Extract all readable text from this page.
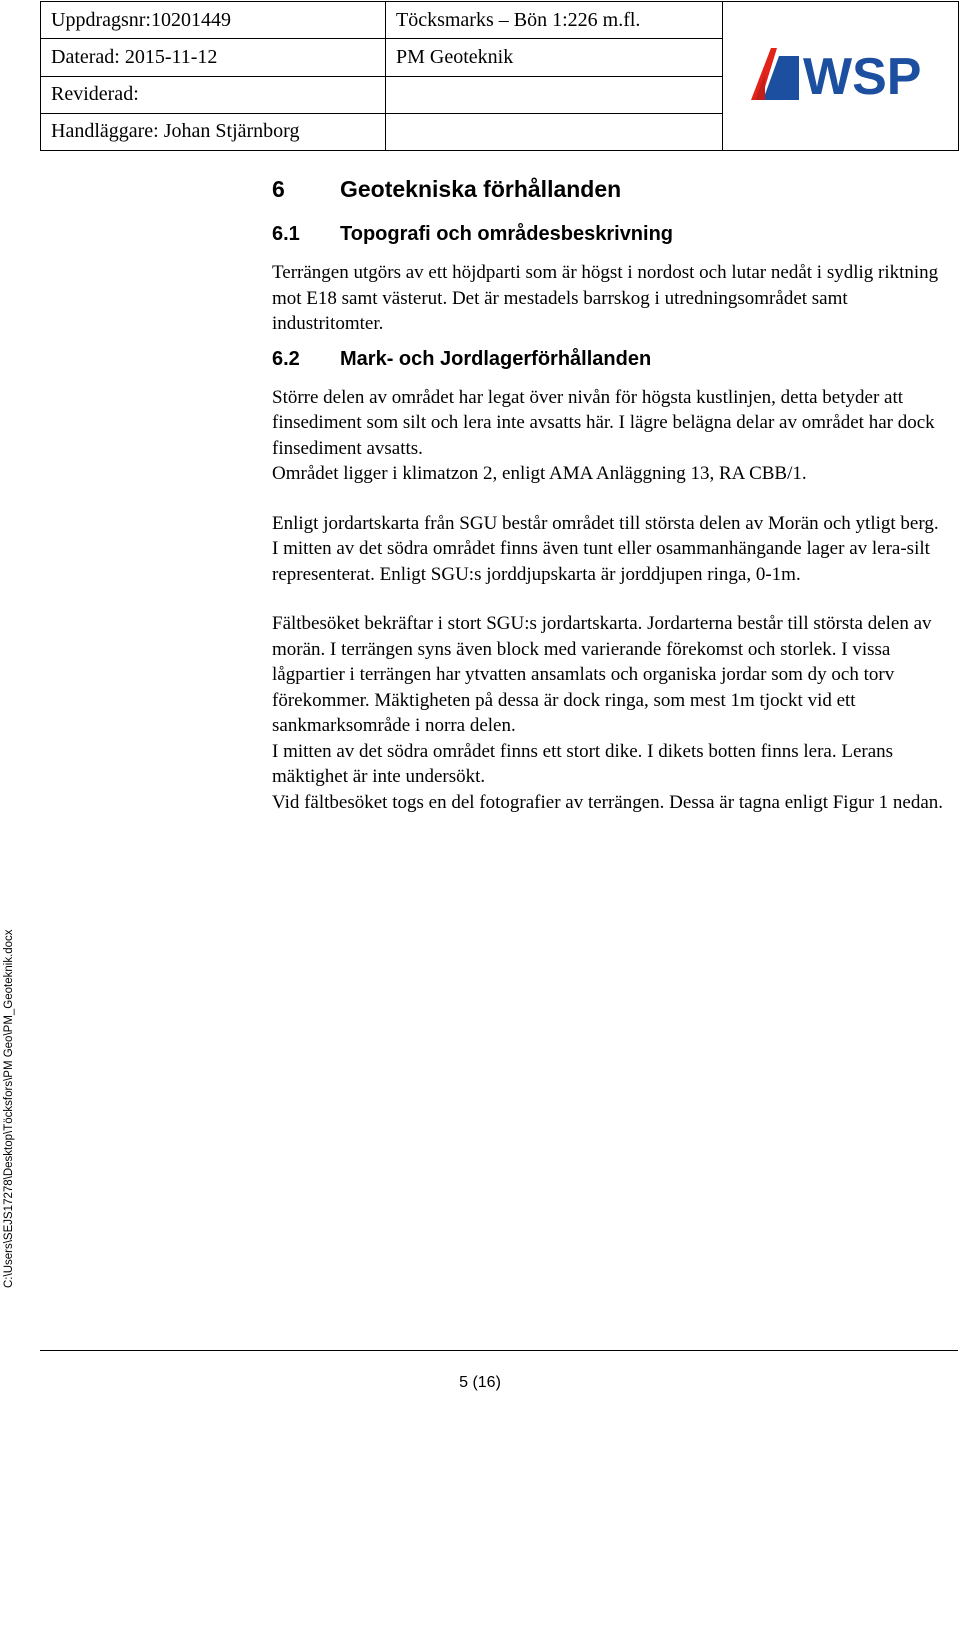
Uppdragsnr:10201449	Töcksmarks – Bön 1:226 m.fl.	WSP

Daterad: 2015-11-12	PM Geoteknik	
Reviderad:		
Handläggare: Johan Stjärnborg		
6	Geotekniska förhållanden
6.1	Topografi och områdesbeskrivning

Terrängen utgörs av ett höjdparti som är högst i nordost och lutar nedåt i sydlig riktning mot E18 samt västerut. Det är mestadels barrskog i utredningsområdet samt industritomter.

6.2	Mark- och Jordlagerförhållanden

Större delen av området har legat över nivån för högsta kustlinjen, detta betyder att finsediment som silt och lera inte avsatts här. I lägre belägna delar av området har dock finsediment avsatts.

Området ligger i klimatzon 2, enligt AMA Anläggning 13, RA CBB/1.

Enligt jordartskarta från SGU består området till största delen av Morän och ytligt berg. I mitten av det södra området finns även tunt eller osammanhängande lager av lera-silt representerat. Enligt SGU:s jorddjupskarta är jorddjupen ringa, 0-1m.

Fältbesöket bekräftar i stort SGU:s jordartskarta. Jordarterna består till största delen av morän. I terrängen syns även block med varierande förekomst och storlek. I vissa lågpartier i terrängen har ytvatten ansamlats och organiska jordar som dy och torv förekommer. Mäktigheten på dessa är dock ringa, som mest 1m tjockt vid ett sankmarksområde i norra delen.

I mitten av det södra området finns ett stort dike. I dikets botten finns lera. Lerans mäktighet är inte undersökt.

Vid fältbesöket togs en del fotografier av terrängen. Dessa är tagna enligt Figur 1 nedan.

C:\Users\SEJS17278\Desktop\Töcksfors\PM Geo\PM_Geoteknik.docx
5 (16)
